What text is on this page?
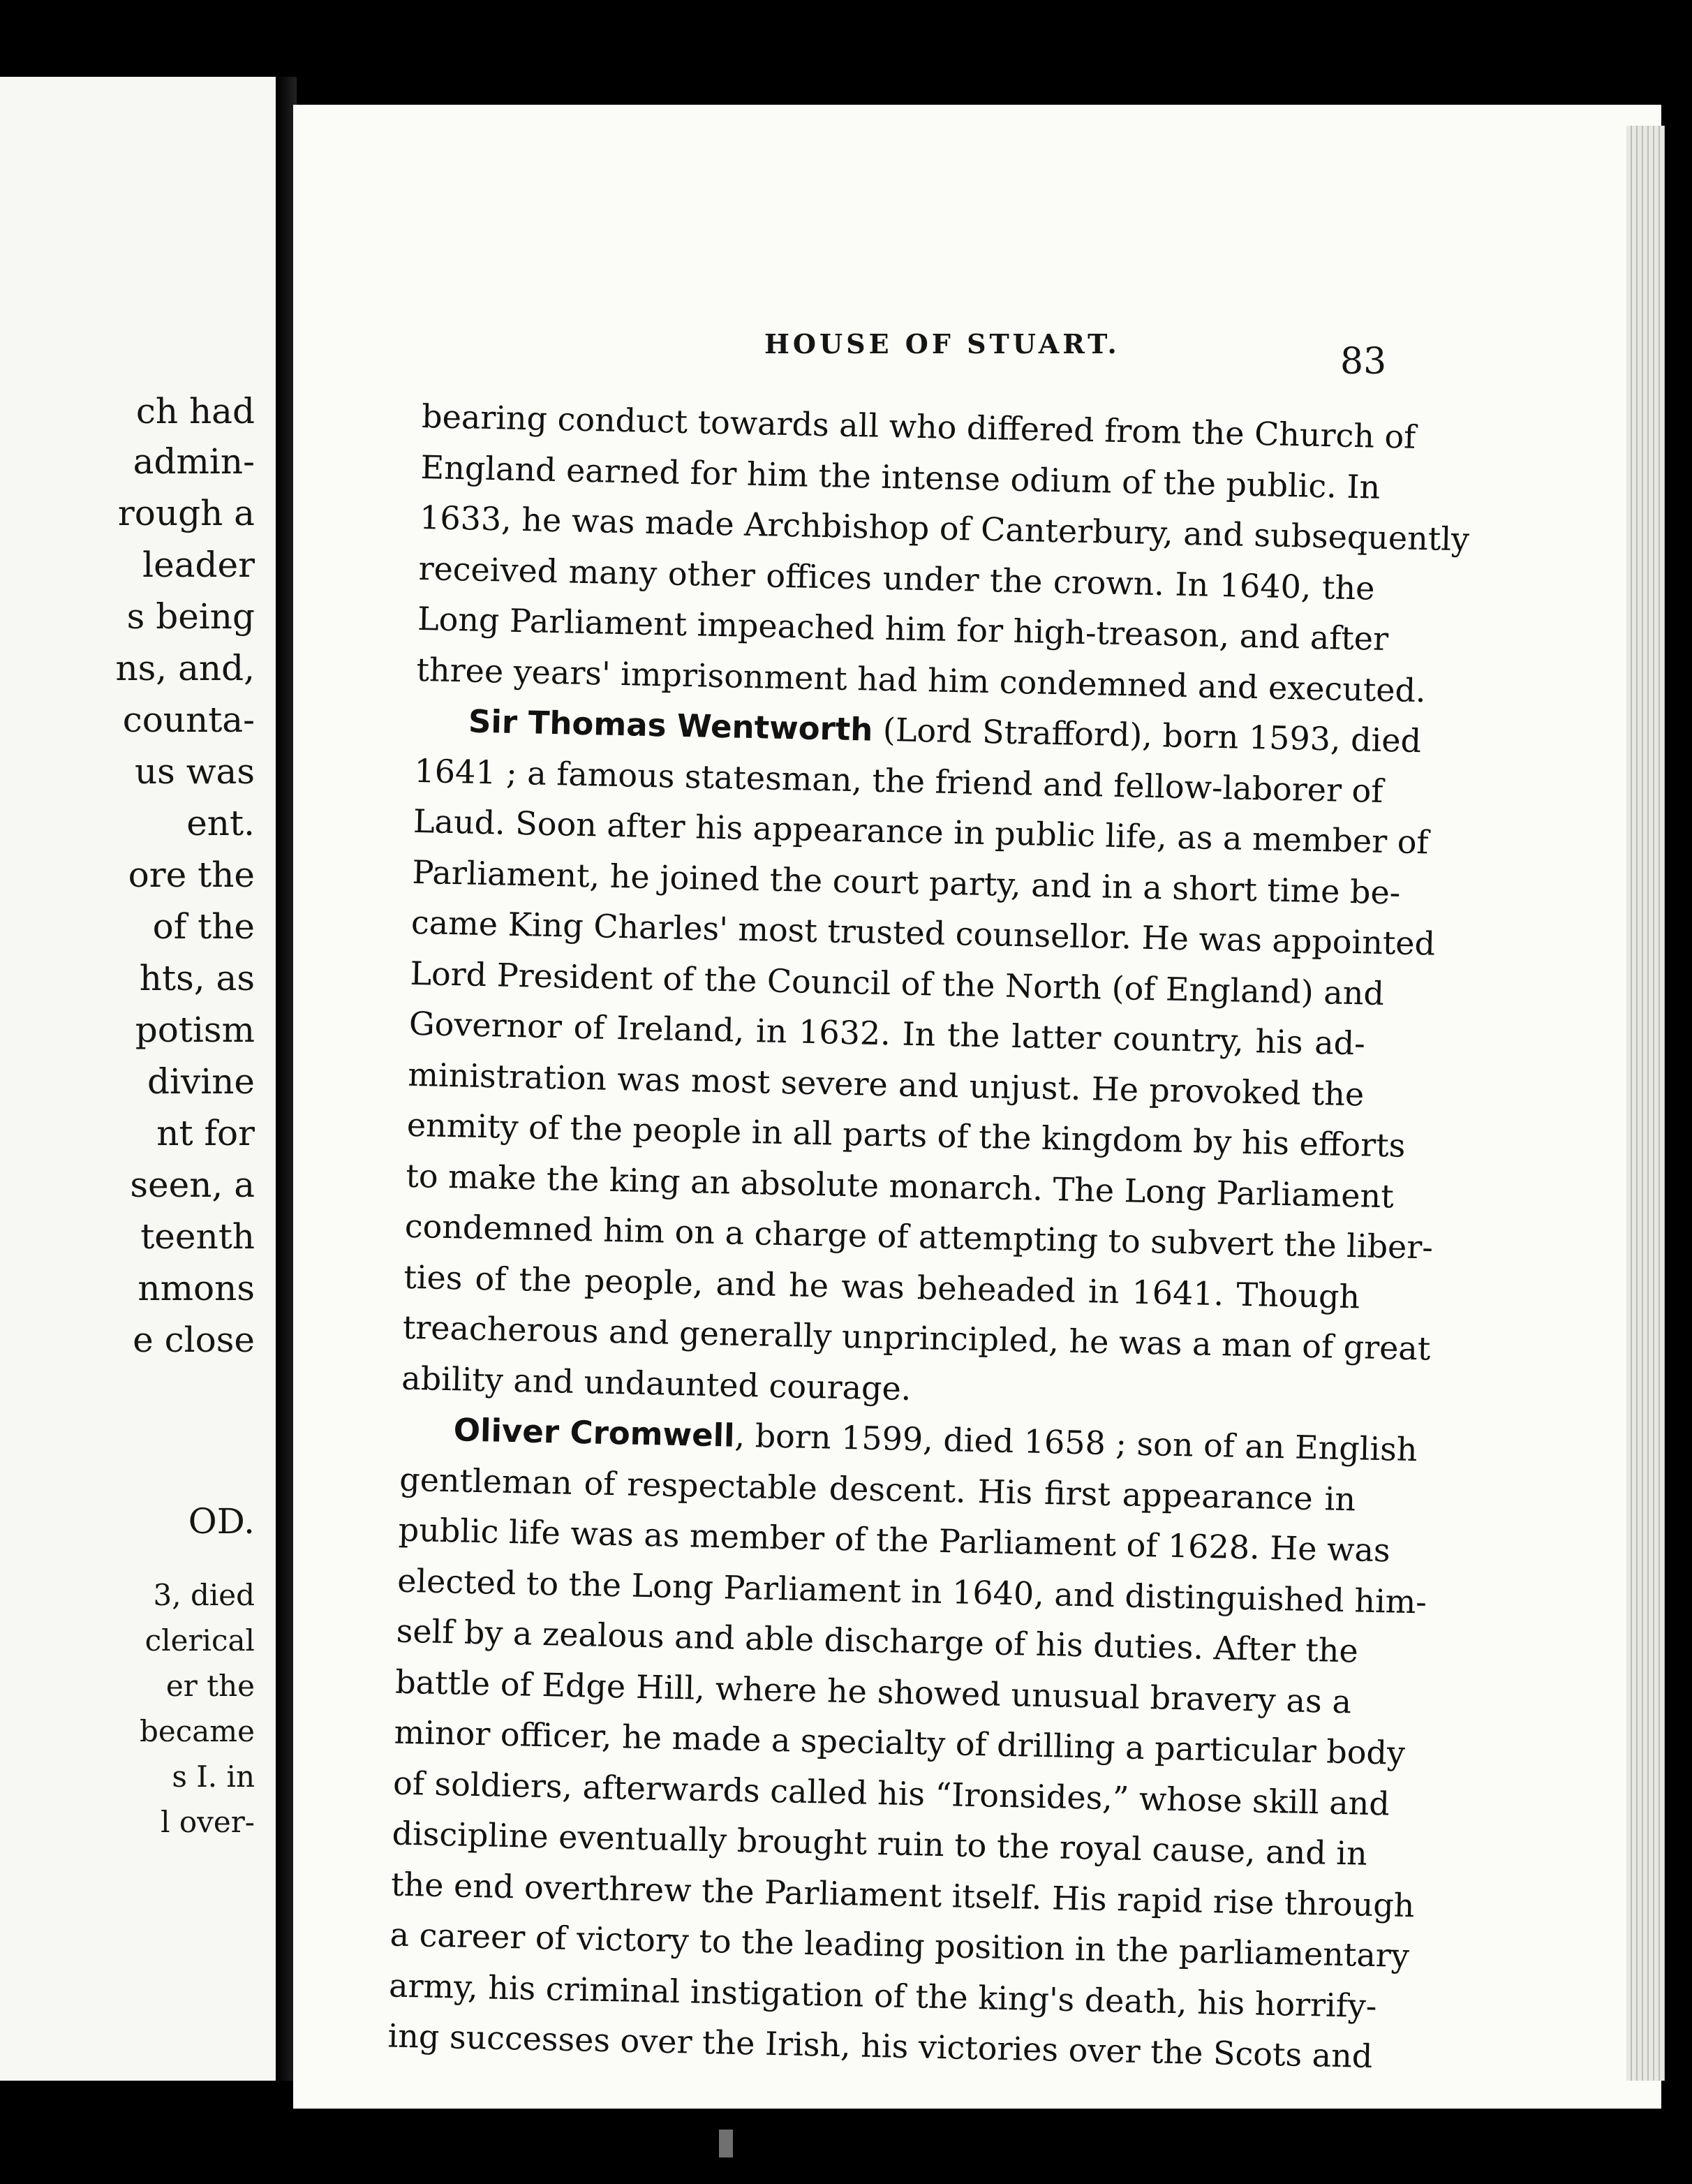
ch had
admin-
rough a
leader
s being
ns, and,
counta-
us was
ent.
ore the
of the
hts, as
potism
divine
nt for
seen, a
teenth
nmons
e close
OD.
3, died
clerical
er the
became
s I. in
l over-
HOUSE OF STUART.	83
bearing conduct towards all who differed from the Church of
England earned for him the intense odium of the public. In
1633, he was made Archbishop of Canterbury, and subsequently
received many other offices under the crown. In 1640, the
Long Parliament impeached him for high-treason, and after
three years' imprisonment had him condemned and executed.
Sir Thomas Wentworth (Lord Strafford), born 1593, died
1641 ; a famous statesman, the friend and fellow-laborer of
Laud. Soon after his appearance in public life, as a member of
Parliament, he joined the court party, and in a short time be-
came King Charles' most trusted counsellor. He was appointed
Lord President of the Council of the North (of England) and
Governor of Ireland, in 1632. In the latter country, his ad-
ministration was most severe and unjust. He provoked the
enmity of the people in all parts of the kingdom by his efforts
to make the king an absolute monarch. The Long Parliament
condemned him on a charge of attempting to subvert the liber-
ties of the people, and he was beheaded in 1641. Though
treacherous and generally unprincipled, he was a man of great
ability and undaunted courage.
Oliver Cromwell, born 1599, died 1658 ; son of an English
gentleman of respectable descent. His first appearance in
public life was as member of the Parliament of 1628. He was
elected to the Long Parliament in 1640, and distinguished him-
self by a zealous and able discharge of his duties. After the
battle of Edge Hill, where he showed unusual bravery as a
minor officer, he made a specialty of drilling a particular body
of soldiers, afterwards called his “Ironsides,” whose skill and
discipline eventually brought ruin to the royal cause, and in
the end overthrew the Parliament itself. His rapid rise through
a career of victory to the leading position in the parliamentary
army, his criminal instigation of the king's death, his horrify-
ing successes over the Irish, his victories over the Scots and
